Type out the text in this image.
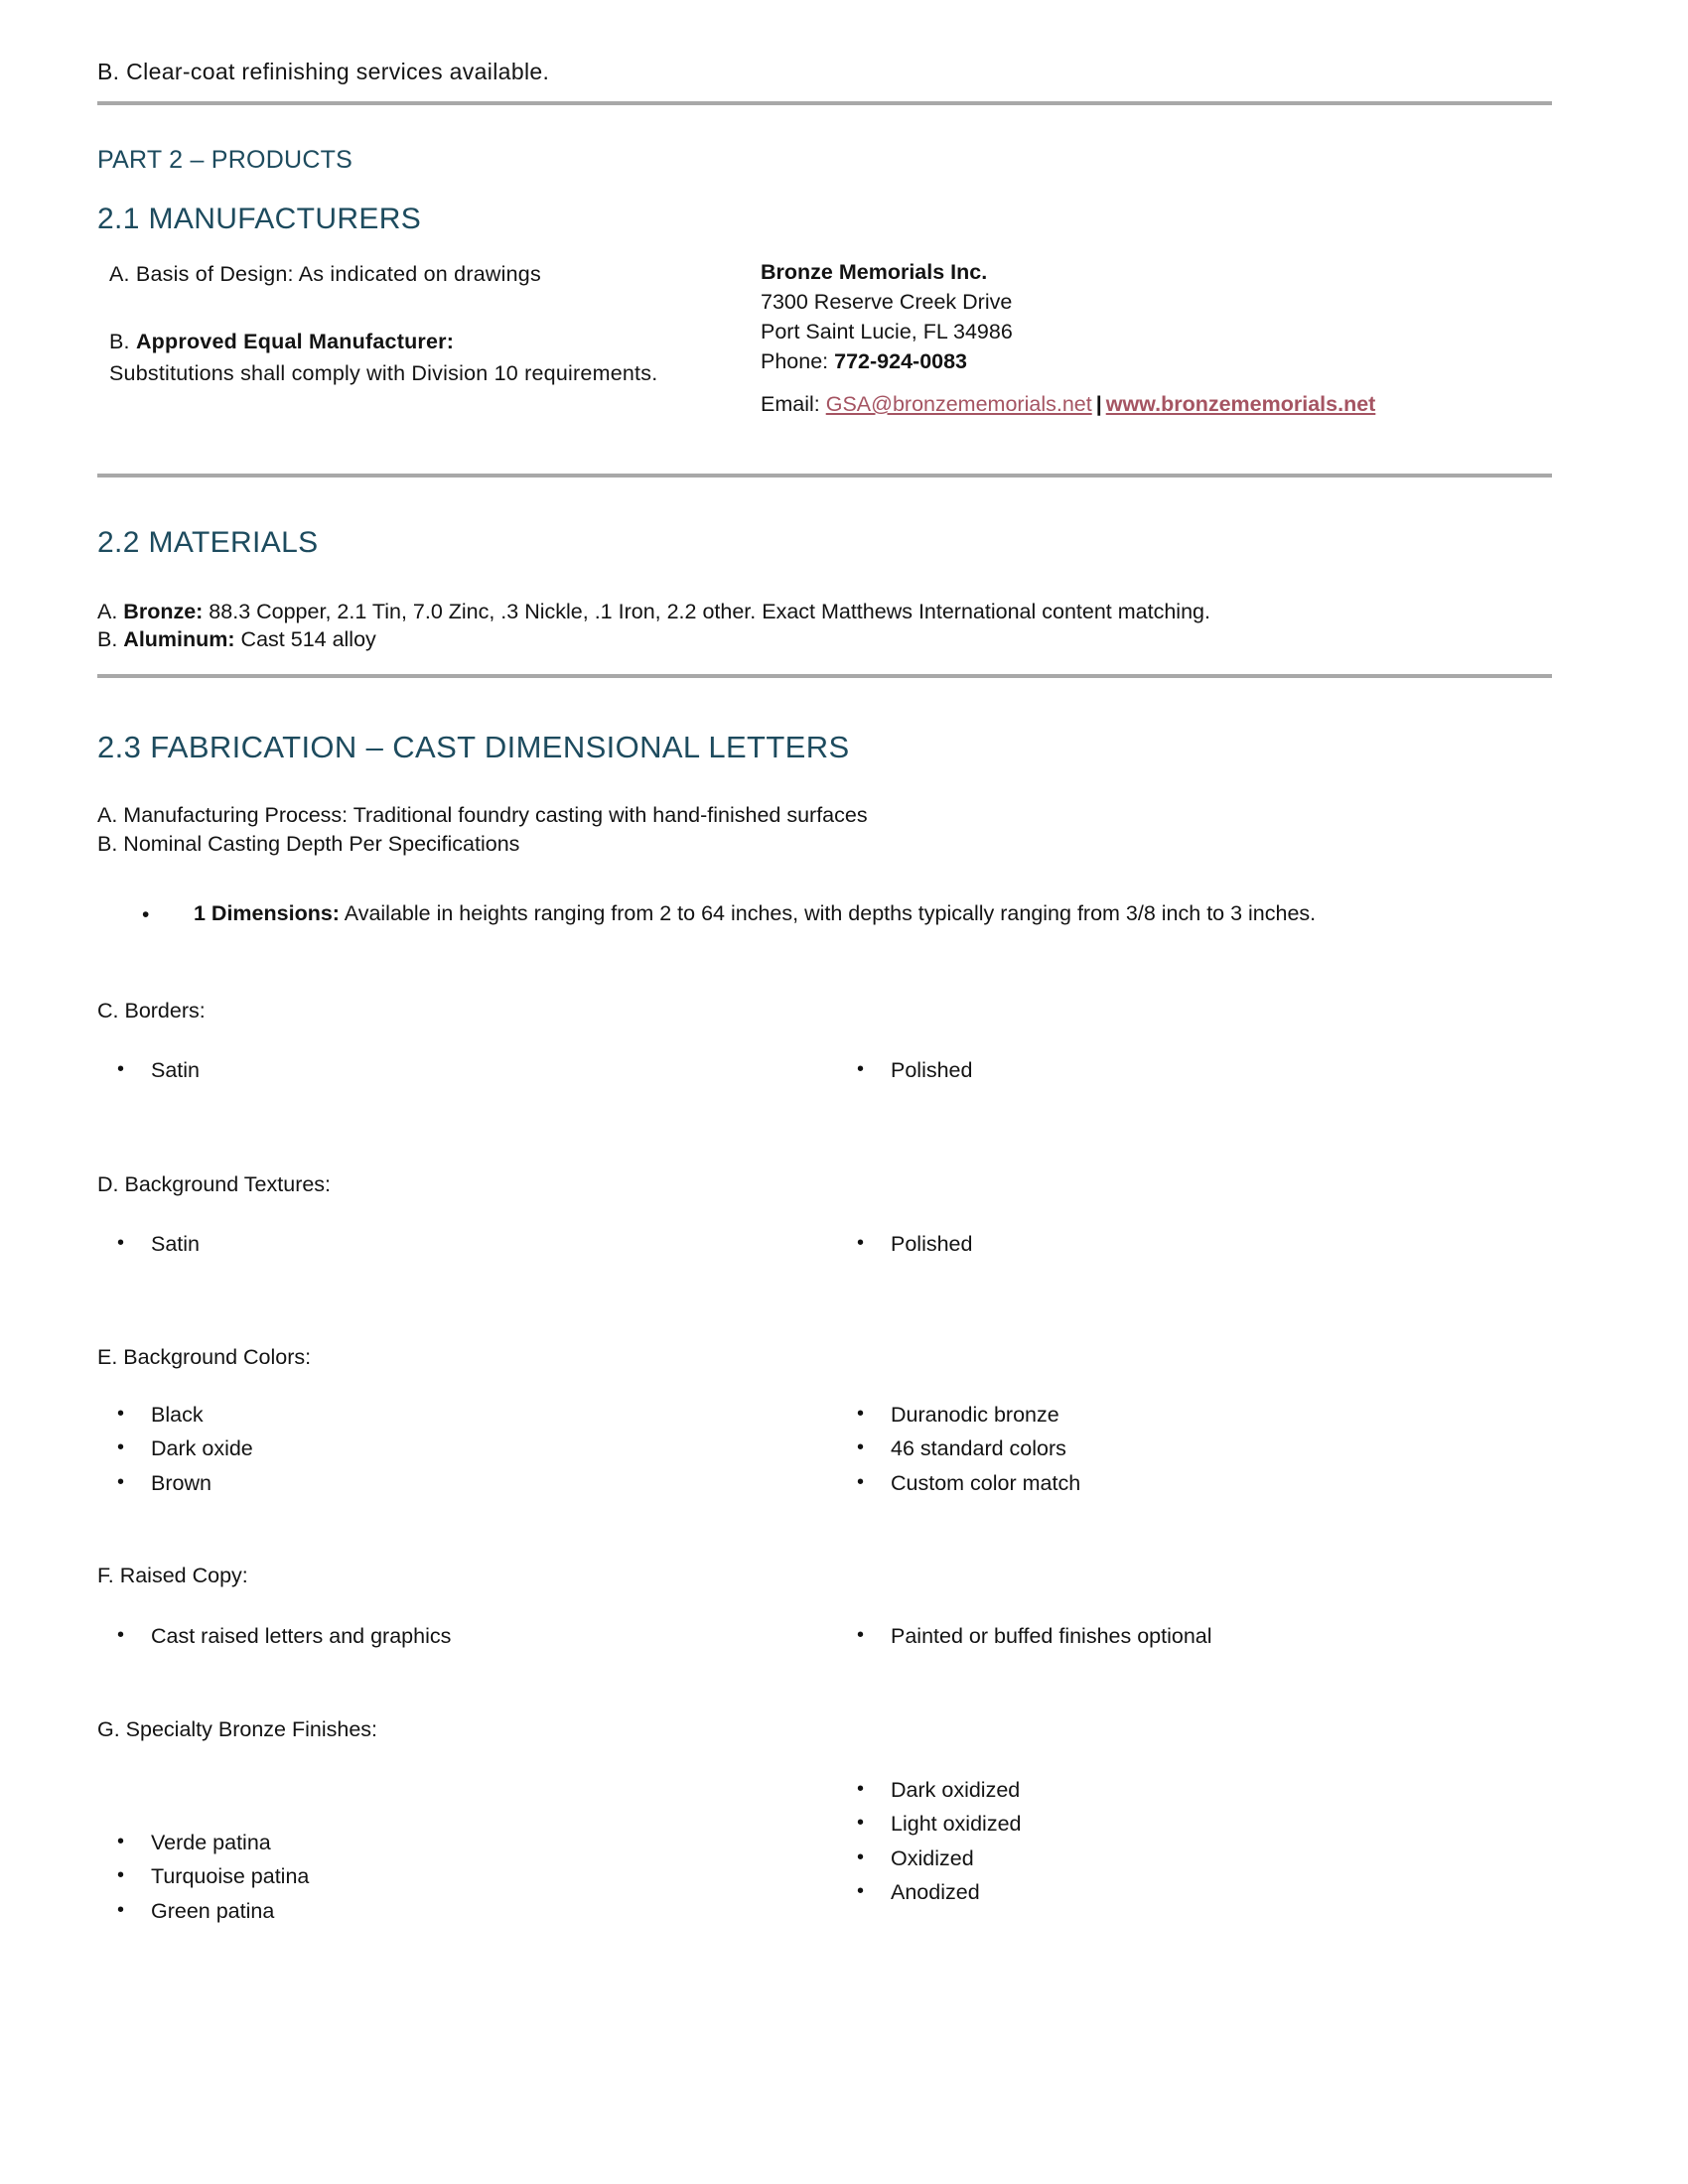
B. Clear-coat refinishing services available.
PART 2 – PRODUCTS
2.1 MANUFACTURERS
A. Basis of Design: As indicated on drawings
B. Approved Equal Manufacturer:
Substitutions shall comply with Division 10 requirements.
Bronze Memorials Inc.
7300 Reserve Creek Drive
Port Saint Lucie, FL 34986
Phone: 772-924-0083
Email: GSA@bronzememorials.net | www.bronzememorials.net
2.2 MATERIALS
A. Bronze: 88.3 Copper, 2.1 Tin, 7.0 Zinc, .3 Nickle, .1 Iron, 2.2 other. Exact Matthews International content matching.
B. Aluminum: Cast 514 alloy
2.3 FABRICATION – CAST DIMENSIONAL LETTERS
A. Manufacturing Process: Traditional foundry casting with hand-finished surfaces
B. Nominal Casting Depth Per Specifications
•	1 Dimensions: Available in heights ranging from 2 to 64 inches, with depths typically ranging from 3/8 inch to 3 inches.
C. Borders:
• Satin	• Polished
D. Background Textures:
• Satin	• Polished
E. Background Colors:
• Black
• Dark oxide
• Brown
• Duranodic bronze
• 46 standard colors
• Custom color match
F. Raised Copy:
• Cast raised letters and graphics	• Painted or buffed finishes optional
G. Specialty Bronze Finishes:
• Verde patina
• Turquoise patina
• Green patina
• Dark oxidized
• Light oxidized
• Oxidized
• Anodized
